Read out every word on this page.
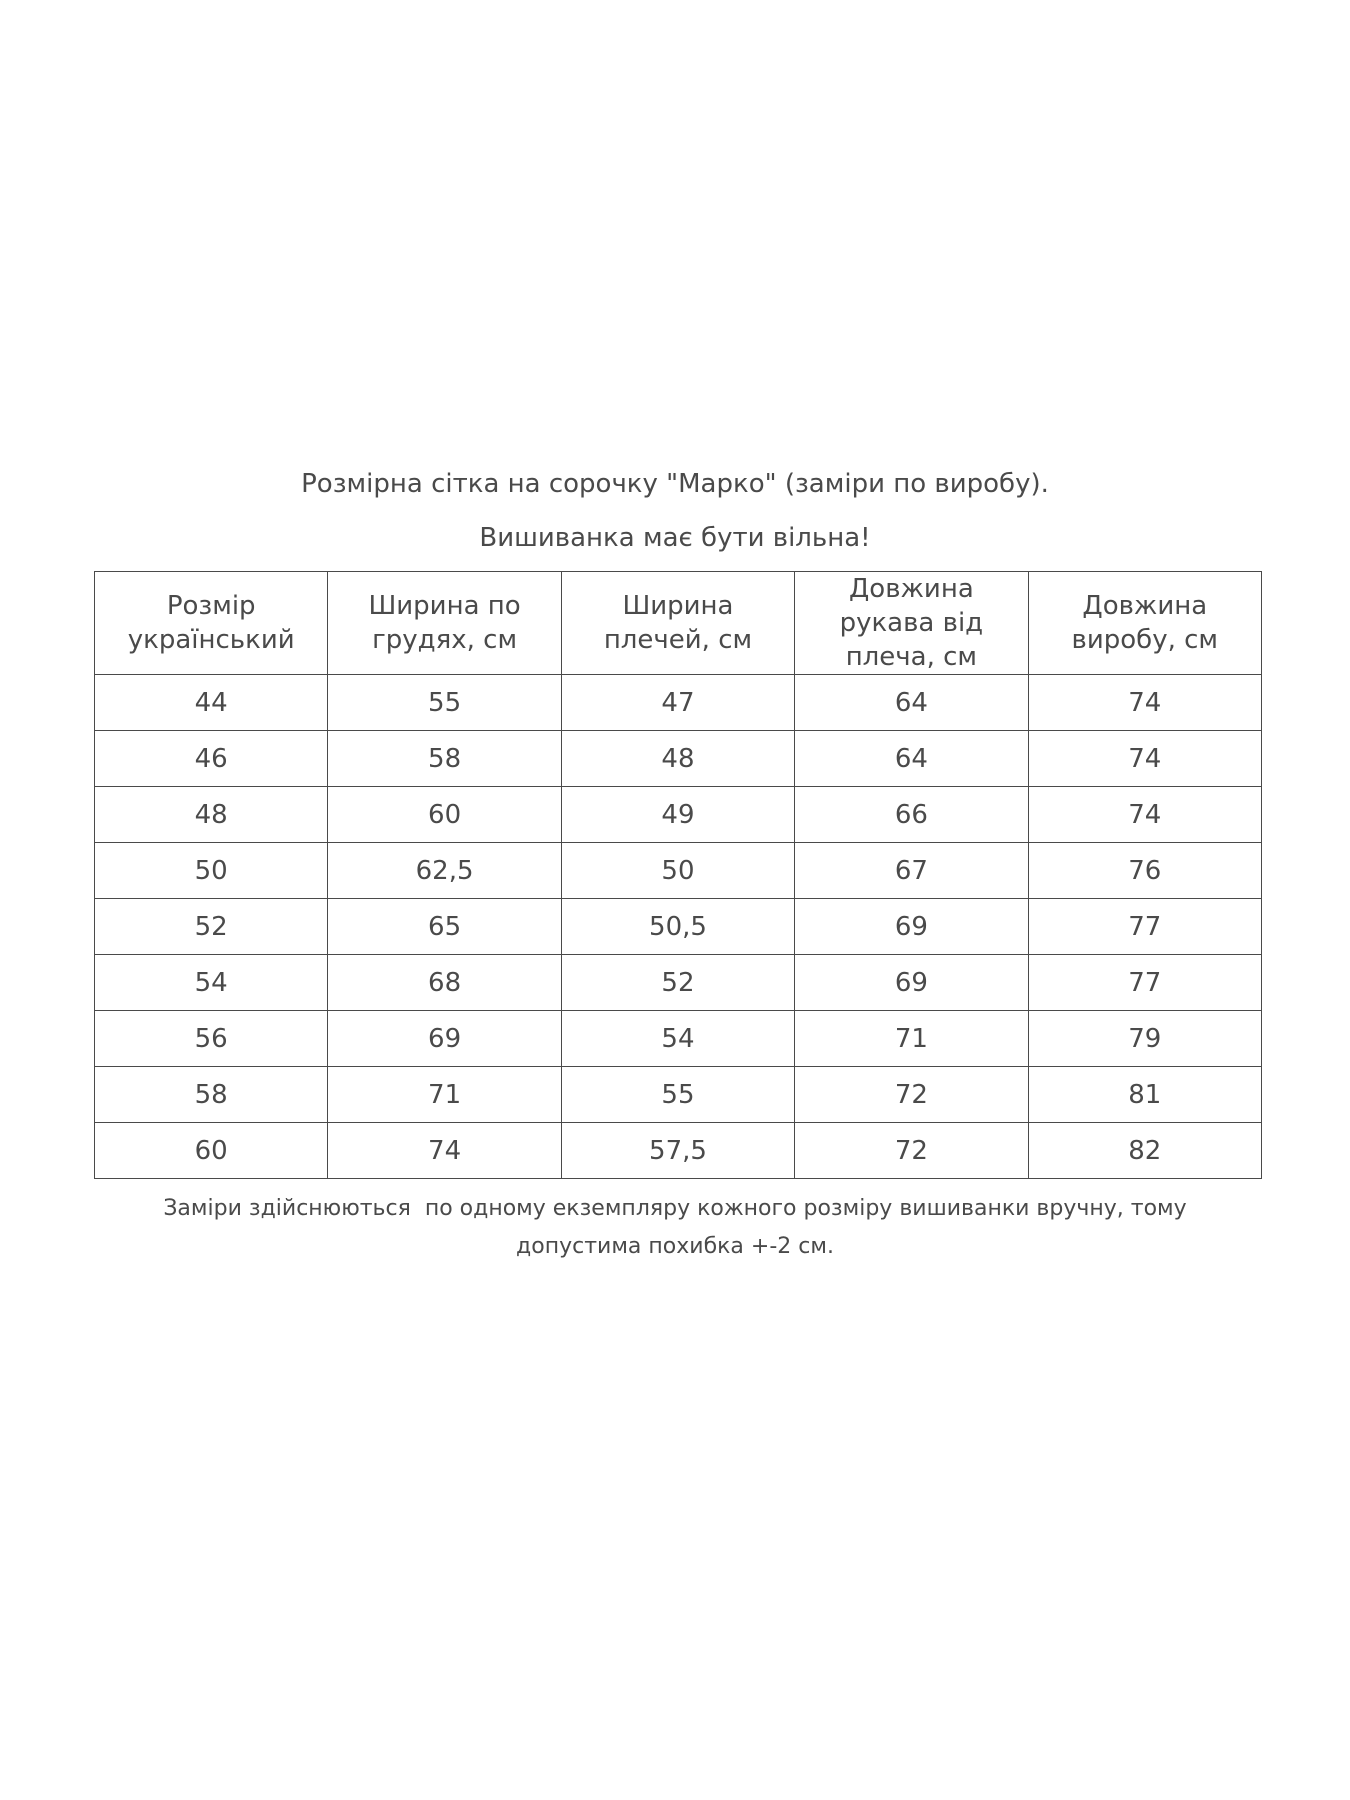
Розмірна сітка на сорочку "Марко" (заміри по виробу).
Вишиванка має бути вільна!
Розмір український	Ширина по грудях, см	Ширина плечей, см	Довжина рукава від плеча, см	Довжина виробу, см
44	55	47	64	74
46	58	48	64	74
48	60	49	66	74
50	62,5	50	67	76
52	65	50,5	69	77
54	68	52	69	77
56	69	54	71	79
58	71	55	72	81
60	74	57,5	72	82
Заміри здійснюються  по одному екземпляру кожного розміру вишиванки вручну, тому допустима похибка +-2 см.
